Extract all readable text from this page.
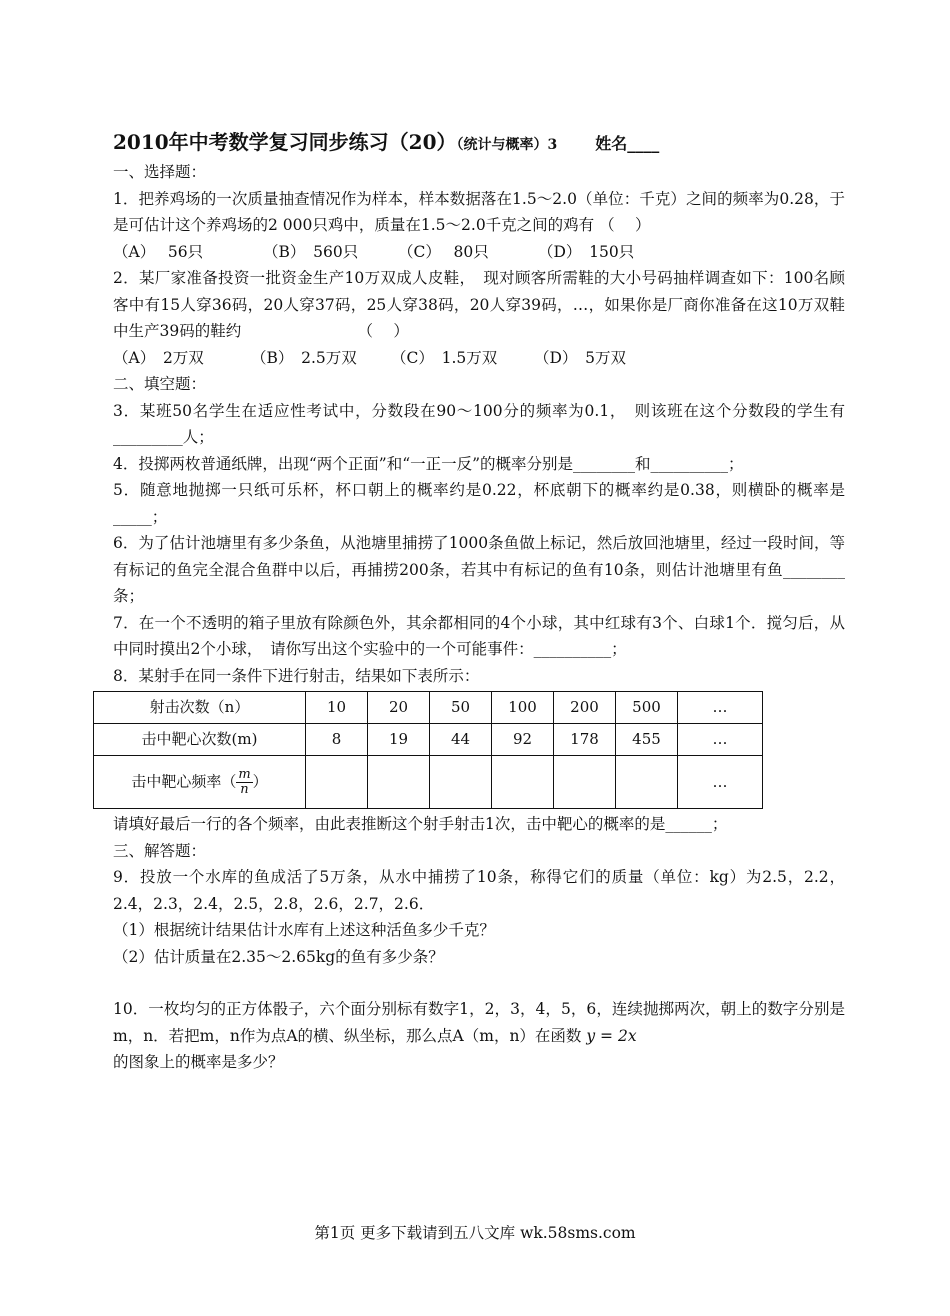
2010年中考数学复习同步练习（20）（统计与概率）3 姓名____

一、选择题：

1．把养鸡场的一次质量抽查情况作为样本，样本数据落在1.5～2.0（单位：千克）之间的频率为0.28，于是可估计这个养鸡场的2 000只鸡中，质量在1.5～2.0千克之间的鸡有 （　 ）

（A）　 56只	（B）　560只	（C）　 80只	（D）　150只

2．某厂家准备投资一批资金生产10万双成人皮鞋，　现对顾客所需鞋的大小号码抽样调查如下：100名顾客中有15人穿36码，20人穿37码，25人穿38码，20人穿39码，…，如果你是厂商你准备在这10万双鞋中生产39码的鞋约　　　　　　　　（　 ）

（A）　2万双	（B）　2.5万双	（C）　1.5万双	（D）　5万双

二、填空题：

3．某班50名学生在适应性考试中，分数段在90～100分的频率为0.1，　则该班在这个分数段的学生有_________人；

4．投掷两枚普通纸牌，出现“两个正面”和“一正一反”的概率分别是________和__________；

5．随意地抛掷一只纸可乐杯，杯口朝上的概率约是0.22，杯底朝下的概率约是0.38，则横卧的概率是_____；

6．为了估计池塘里有多少条鱼，从池塘里捕捞了1000条鱼做上标记，然后放回池塘里，经过一段时间，等有标记的鱼完全混合鱼群中以后，再捕捞200条，若其中有标记的鱼有10条，则估计池塘里有鱼________条；

7．在一个不透明的箱子里放有除颜色外，其余都相同的4个小球，其中红球有3个、白球1个．搅匀后，从中同时摸出2个小球，　请你写出这个实验中的一个可能事件：__________；

8．某射手在同一条件下进行射击，结果如下表所示：

射击次数（n）	10	20	50	100	200	500	…
击中靶心次数(m)	8	19	44	92	178	455	…
击中靶心频率（ $\frac{m}{n}$ ）							…

请填好最后一行的各个频率，由此表推断这个射手射击1次，击中靶心的概率的是______；

三、解答题：

9．投放一个水库的鱼成活了5万条，从水中捕捞了10条，称得它们的质量（单位：kg）为2.5，2.2，2.4，2.3，2.4，2.5，2.8，2.6，2.7，2.6．

（1）根据统计结果估计水库有上述这种活鱼多少千克？

（2）估计质量在2.35～2.65kg的鱼有多少条？

10．一枚均匀的正方体骰子，六个面分别标有数字1，2，3，4，5，6，连续抛掷两次，朝上的数字分别是m，n．若把m，n作为点A的横、纵坐标，那么点A（m，n）在函数 y = 2x
的图象上的概率是多少？

第1页 更多下载请到五八文库 wk.58sms.com
